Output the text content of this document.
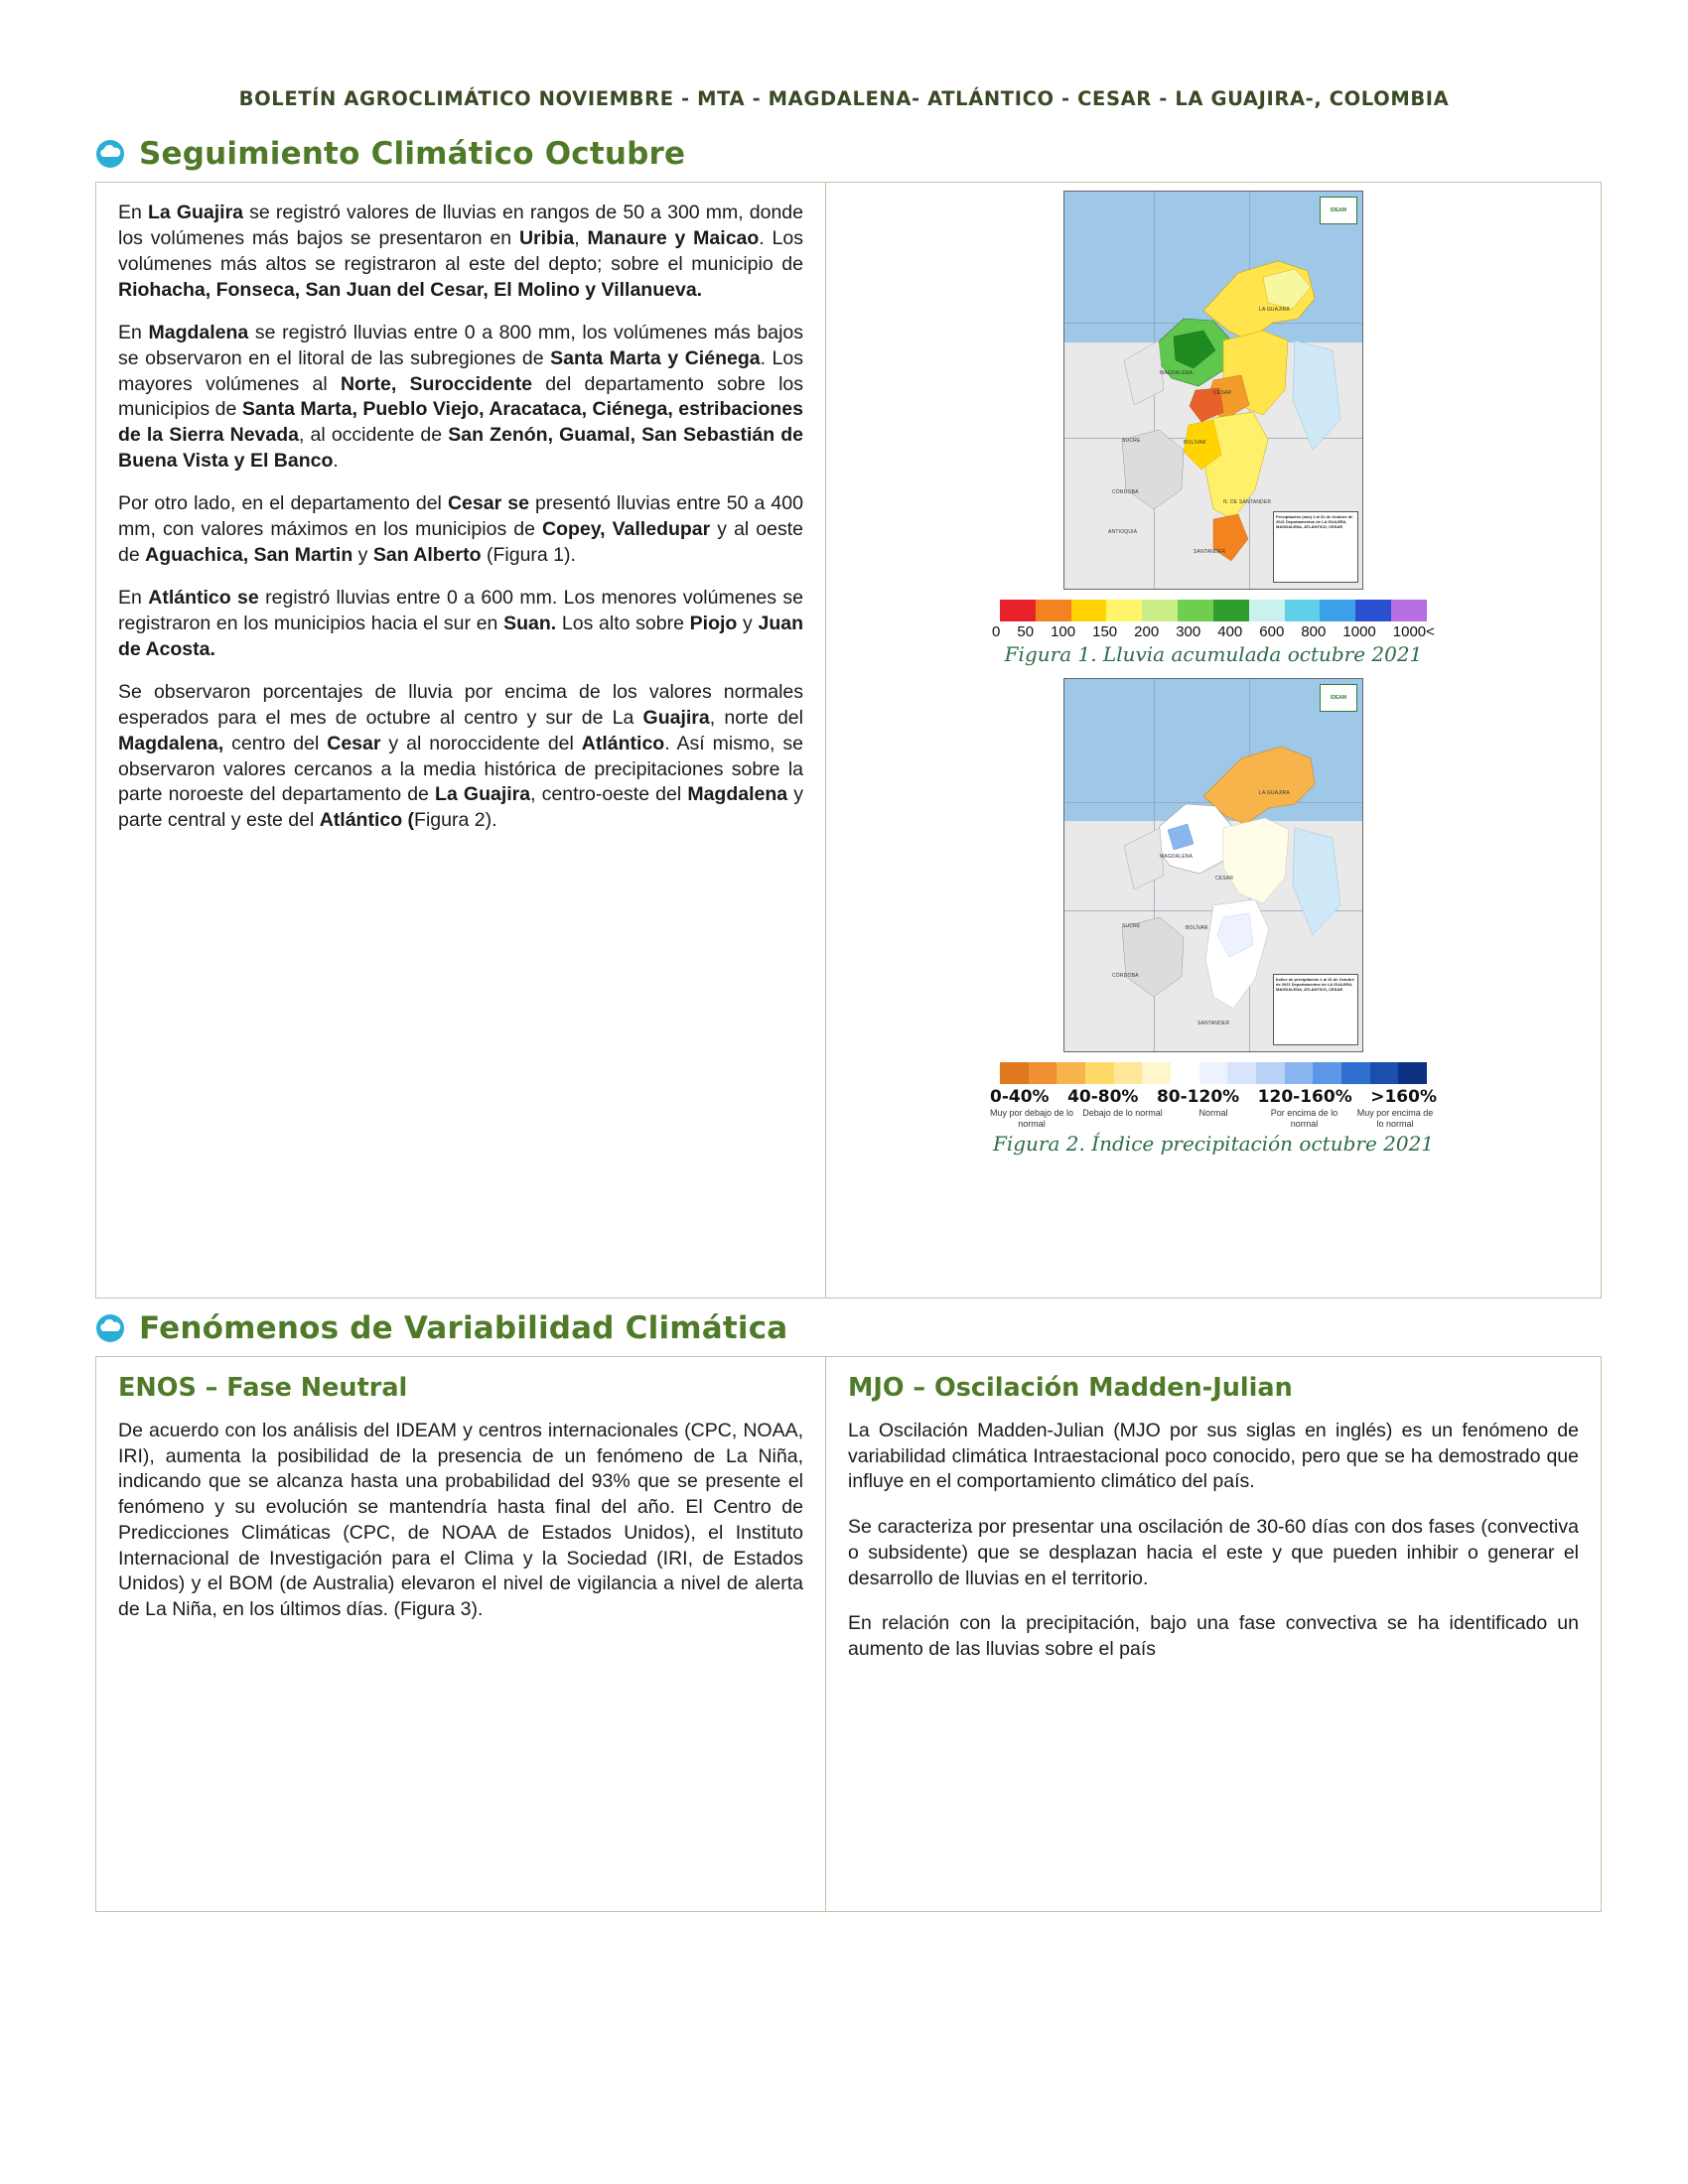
BOLETÍN AGROCLIMÁTICO NOVIEMBRE - MTA - MAGDALENA- ATLÁNTICO - CESAR - LA GUAJIRA-, COLOMBIA
Seguimiento Climático Octubre

En La Guajira se registró valores de lluvias en rangos de 50 a 300 mm, donde los volúmenes más bajos se presentaron en Uribia, Manaure y Maicao. Los volúmenes más altos se registraron al este del depto; sobre el municipio de Riohacha, Fonseca, San Juan del Cesar, El Molino y Villanueva.

En Magdalena se registró lluvias entre 0 a 800 mm, los volúmenes más bajos se observaron en el litoral de las subregiones de Santa Marta y Ciénega. Los mayores volúmenes al Norte, Suroccidente del departamento sobre los municipios de Santa Marta, Pueblo Viejo, Aracataca, Ciénega, estribaciones de la Sierra Nevada, al occidente de San Zenón, Guamal, San Sebastián de Buena Vista y El Banco.

Por otro lado, en el departamento del Cesar se presentó lluvias entre 50 a 400 mm, con valores máximos en los municipios de Copey, Valledupar y al oeste de Aguachica, San Martin y San Alberto (Figura 1).

En Atlántico se registró lluvias entre 0 a 600 mm. Los menores volúmenes se registraron en los municipios hacia el sur en Suan. Los alto sobre Piojo y Juan de Acosta.

Se observaron porcentajes de lluvia por encima de los valores normales esperados para el mes de octubre al centro y sur de La Guajira, norte del Magdalena, centro del Cesar y al noroccidente del Atlántico. Así mismo, se observaron valores cercanos a la media histórica de precipitaciones sobre la parte noroeste del departamento de La Guajira, centro-oeste del Magdalena y parte central y este del Atlántico (Figura 2).

IDEAM
LA GUAJIRA
MAGDALENA
CESAR
BOLÍVAR
SUCRE
CÓRDOBA
ANTIOQUIA
N. DE SANTANDER
SANTANDER
Precipitación (mm) 1 al 31 de Octubre de 2021 Departamentos de LA GUAJIRA, MAGDALENA, ATLÁNTICO, CESAR
0 50 100 150 200 300 400 600 800 1000 1000<
Figura 1. Lluvia acumulada octubre 2021
IDEAM
LA GUAJIRA
MAGDALENA
CESAR
BOLÍVAR
SUCRE
CÓRDOBA
SANTANDER
Índice de precipitación 1 al 31 de Octubre de 2021 Departamentos de LA GUAJIRA, MAGDALENA, ATLÁNTICO, CESAR
0-40% 40-80% 80-120% 120-160% >160%
Muy por debajo de lo normal
Debajo de lo normal	Normal	Por encima de lo normal
Muy por encima de lo normal
Figura 2. Índice precipitación octubre 2021
Fenómenos de Variabilidad Climática
ENOS – Fase Neutral

De acuerdo con los análisis del IDEAM y centros internacionales (CPC, NOAA, IRI), aumenta la posibilidad de la presencia de un fenómeno de La Niña, indicando que se alcanza hasta una probabilidad del 93% que se presente el fenómeno y su evolución se mantendría hasta final del año. El Centro de Predicciones Climáticas (CPC, de NOAA de Estados Unidos), el Instituto Internacional de Investigación para el Clima y la Sociedad (IRI, de Estados Unidos) y el BOM (de Australia) elevaron el nivel de vigilancia a nivel de alerta de La Niña, en los últimos días. (Figura 3).

MJO – Oscilación Madden-Julian

La Oscilación Madden-Julian (MJO por sus siglas en inglés) es un fenómeno de variabilidad climática Intraestacional poco conocido, pero que se ha demostrado que influye en el comportamiento climático del país.

Se caracteriza por presentar una oscilación de 30-60 días con dos fases (convectiva o subsidente) que se desplazan hacia el este y que pueden inhibir o generar el desarrollo de lluvias en el territorio.

En relación con la precipitación, bajo una fase convectiva se ha identificado un aumento de las lluvias sobre el país
